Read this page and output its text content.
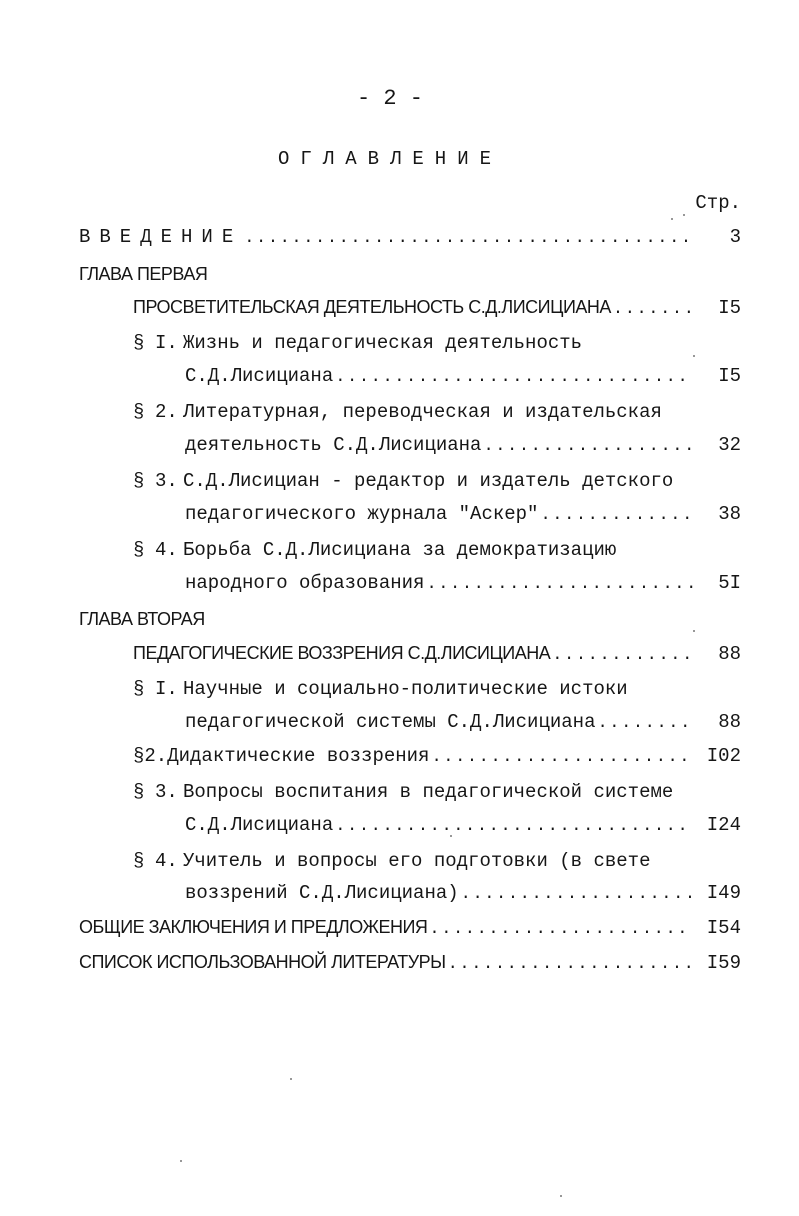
- 2 -
ОГЛАВЛЕНИЕ
Стр.
ВВЕДЕНИЕ .....	3
ГЛАВА ПЕРВАЯ
ПРОСВЕТИТЕЛЬСКАЯ ДЕЯТЕЛЬНОСТЬ С.Д.ЛИСИЦИАНА .....	I5
§ I. Жизнь и педагогическая деятельность
С.Д.Лисициана .....	I5
§ 2. Литературная, переводческая и издательская
деятельность С.Д.Лисициана .....	32
§ 3. С.Д.Лисициан - редактор и издатель детского
педагогического журнала "Аскер" .....	38
§ 4. Борьба С.Д.Лисициана за демократизацию
народного образования .....	5I
ГЛАВА ВТОРАЯ
ПЕДАГОГИЧЕСКИЕ ВОЗЗРЕНИЯ С.Д.ЛИСИЦИАНА .....	88
§ I. Научные и социально-политические истоки
педагогической системы С.Д.Лисициана .....	88
§ 2. Дидактические воззрения .....	I02
§ 3. Вопросы воспитания в педагогической системе
С.Д.Лисициана .....	I24
§ 4. Учитель и вопросы его подготовки (в свете
воззрений С.Д.Лисициана) .....	I49
ОБЩИЕ ЗАКЛЮЧЕНИЯ И ПРЕДЛОЖЕНИЯ .....	I54
СПИСОК ИСПОЛЬЗОВАННОЙ ЛИТЕРАТУРЫ .....	I59
